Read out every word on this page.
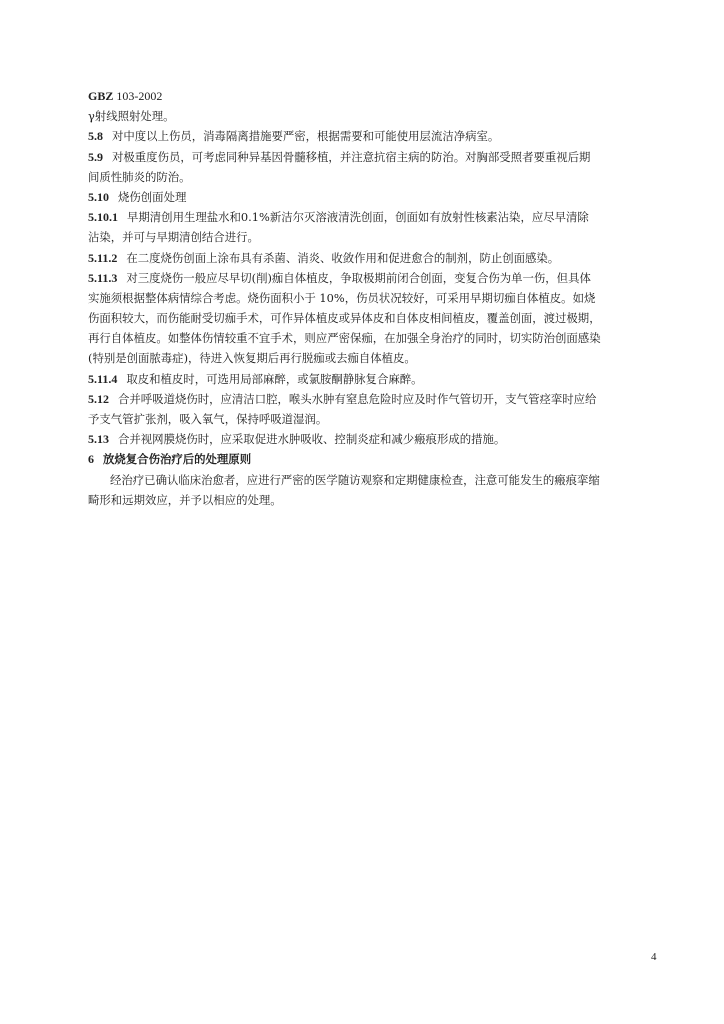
GBZ 103-2002
γ射线照射处理。
5.8 对中度以上伤员，消毒隔离措施要严密，根据需要和可能使用层流洁净病室。
5.9 对极重度伤员，可考虑同种异基因骨髓移植，并注意抗宿主病的防治。对胸部受照者要重视后期
间质性肺炎的防治。
5.10 烧伤创面处理
5.10.1 早期清创用生理盐水和0.1%新洁尔灭溶液清洗创面，创面如有放射性核素沾染，应尽早清除
沾染，并可与早期清创结合进行。
5.11.2 在二度烧伤创面上涂布具有杀菌、消炎、收敛作用和促进愈合的制剂，防止创面感染。
5.11.3 对三度烧伤一般应尽早切(削)痂自体植皮，争取极期前闭合创面，变复合伤为单一伤，但具体
实施须根据整体病情综合考虑。烧伤面积小于 10%，伤员状况较好，可采用早期切痂自体植皮。如烧
伤面积较大，而伤能耐受切痂手术，可作异体植皮或异体皮和自体皮相间植皮，覆盖创面，渡过极期，
再行自体植皮。如整体伤情较重不宜手术，则应严密保痂，在加强全身治疗的同时，切实防治创面感染
(特别是创面脓毒症)，待进入恢复期后再行脱痂或去痂自体植皮。
5.11.4 取皮和植皮时，可选用局部麻醉，或氯胺酮静脉复合麻醉。
5.12 合并呼吸道烧伤时，应清洁口腔，喉头水肿有窒息危险时应及时作气管切开，支气管痉挛时应给
予支气管扩张剂，吸入氧气，保持呼吸道湿润。
5.13 合并视网膜烧伤时，应采取促进水肿吸收、控制炎症和减少瘢痕形成的措施。
6 放烧复合伤治疗后的处理原则
经治疗已确认临床治愈者，应进行严密的医学随访观察和定期健康检查，注意可能发生的瘢痕挛缩
畸形和远期效应，并予以相应的处理。
4
